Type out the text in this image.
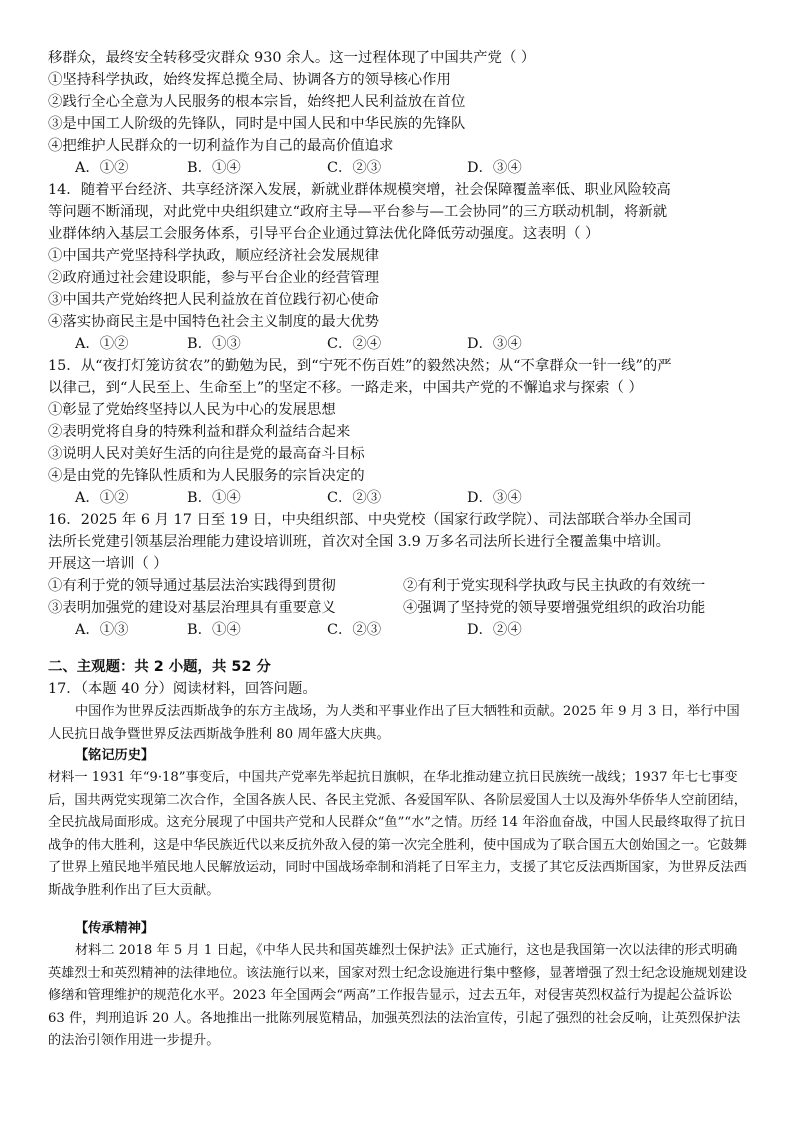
移群众，最终安全转移受灾群众 930 余人。这一过程体现了中国共产党（ ）
①坚持科学执政，始终发挥总揽全局、协调各方的领导核心作用
②践行全心全意为人民服务的根本宗旨，始终把人民利益放在首位
③是中国工人阶级的先锋队，同时是中国人民和中华民族的先锋队
④把维护人民群众的一切利益作为自己的最高价值追求
A．①②	B．①④	C．②③	D．③④
14．随着平台经济、共享经济深入发展，新就业群体规模突增，社会保障覆盖率低、职业风险较高
等问题不断涌现，对此党中央组织建立“政府主导—平台参与—工会协同”的三方联动机制，将新就
业群体纳入基层工会服务体系，引导平台企业通过算法优化降低劳动强度。这表明（ ）
①中国共产党坚持科学执政，顺应经济社会发展规律
②政府通过社会建设职能，参与平台企业的经营管理
③中国共产党始终把人民利益放在首位践行初心使命
④落实协商民主是中国特色社会主义制度的最大优势
A．①②	B．①③	C．②④	D．③④
15．从“夜打灯笼访贫农”的勤勉为民，到“宁死不伤百姓”的毅然决然；从“不拿群众一针一线”的严
以律己，到“人民至上、生命至上”的坚定不移。一路走来，中国共产党的不懈追求与探索（ ）
①彰显了党始终坚持以人民为中心的发展思想
②表明党将自身的特殊利益和群众利益结合起来
③说明人民对美好生活的向往是党的最高奋斗目标
④是由党的先锋队性质和为人民服务的宗旨决定的
A．①②	B．①④	C．②③	D．③④
16．2025 年 6 月 17 日至 19 日，中央组织部、中央党校（国家行政学院）、司法部联合举办全国司
法所长党建引领基层治理能力建设培训班，首次对全国 3.9 万多名司法所长进行全覆盖集中培训。
开展这一培训（ ）
①有利于党的领导通过基层法治实践得到贯彻	②有利于党实现科学执政与民主执政的有效统一
③表明加强党的建设对基层治理具有重要意义	④强调了坚持党的领导要增强党组织的政治功能
A．①③	B．①④	C．②③	D．②④
二、主观题：共 2 小题，共 52 分
17．（本题 40 分）阅读材料，回答问题。
中国作为世界反法西斯战争的东方主战场，为人类和平事业作出了巨大牺牲和贡献。2025 年 9 月 3 日，举行中国人民抗日战争暨世界反法西斯战争胜利 80 周年盛大庆典。
【铭记历史】
材料一 1931 年“9·18”事变后，中国共产党率先举起抗日旗帜，在华北推动建立抗日民族统一战线；1937 年七七事变后，国共两党实现第二次合作，全国各族人民、各民主党派、各爱国军队、各阶层爱国人士以及海外华侨华人空前团结，全民抗战局面形成。这充分展现了中国共产党和人民群众“鱼”“水”之情。历经 14 年浴血奋战，中国人民最终取得了抗日战争的伟大胜利，这是中华民族近代以来反抗外敌入侵的第一次完全胜利，使中国成为了联合国五大创始国之一。它鼓舞了世界上殖民地半殖民地人民解放运动，同时中国战场牵制和消耗了日军主力，支援了其它反法西斯国家，为世界反法西斯战争胜利作出了巨大贡献。
【传承精神】
材料二 2018 年 5 月 1 日起，《中华人民共和国英雄烈士保护法》正式施行，这也是我国第一次以法律的形式明确英雄烈士和英烈精神的法律地位。该法施行以来，国家对烈士纪念设施进行集中整修，显著增强了烈士纪念设施规划建设修缮和管理维护的规范化水平。2023 年全国两会“两高”工作报告显示，过去五年，对侵害英烈权益行为提起公益诉讼 63 件，判刑追诉 20 人。各地推出一批陈列展览精品，加强英烈法的法治宣传，引起了强烈的社会反响，让英烈保护法的法治引领作用进一步提升。
